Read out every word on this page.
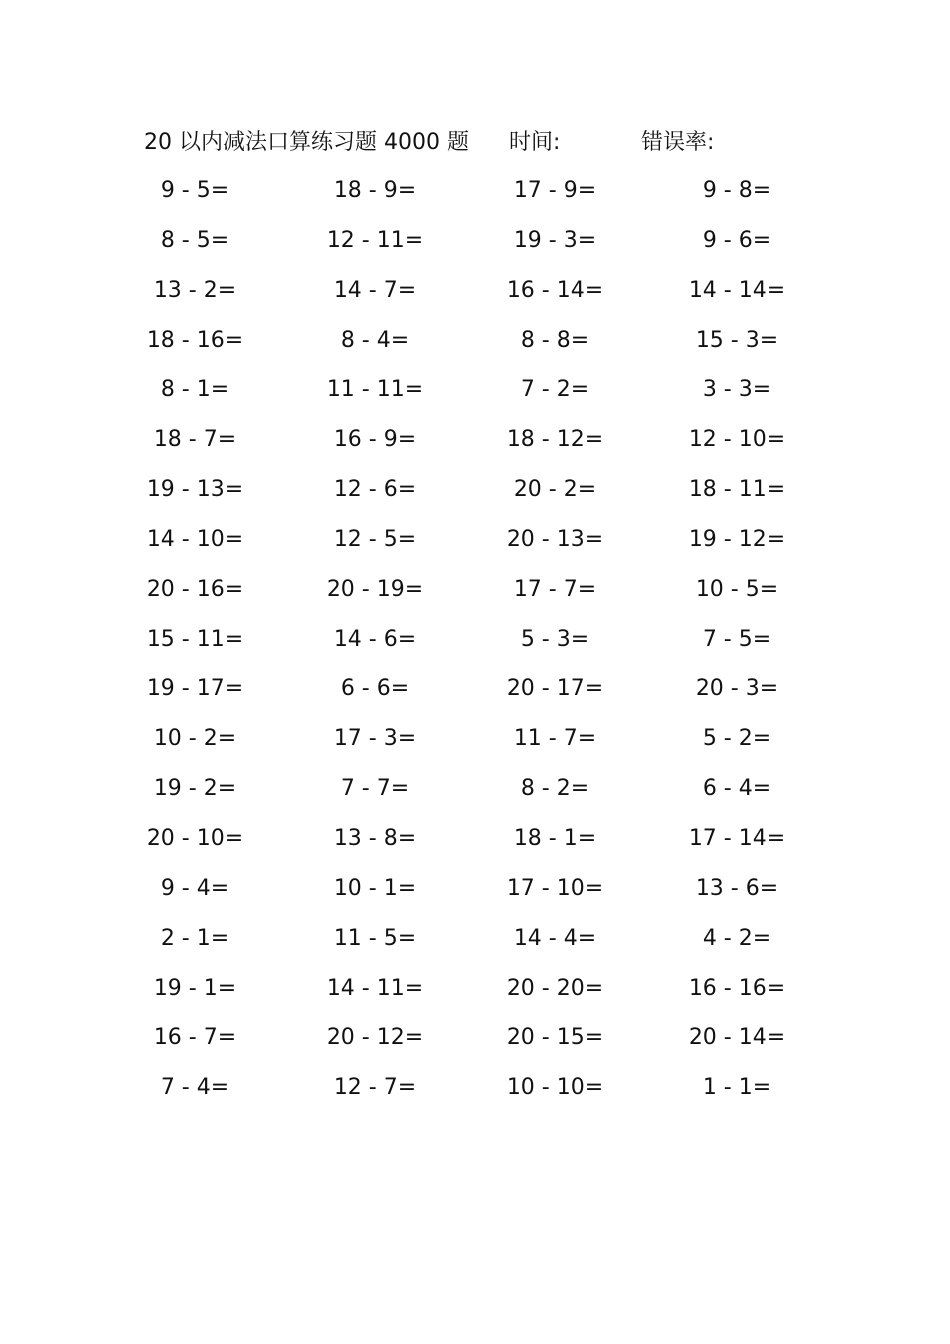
20 以内减法口算练习题 4000 题 时间:	错误率:
9 - 5=	18 - 9=	17 - 9=	9 - 8=
8 - 5=	12 - 11=	19 - 3=	9 - 6=
13 - 2=	14 - 7=	16 - 14=	14 - 14=
18 - 16=	8 - 4=	8 - 8=	15 - 3=
8 - 1=	11 - 11=	7 - 2=	3 - 3=
18 - 7=	16 - 9=	18 - 12=	12 - 10=
19 - 13=	12 - 6=	20 - 2=	18 - 11=
14 - 10=	12 - 5=	20 - 13=	19 - 12=
20 - 16=	20 - 19=	17 - 7=	10 - 5=
15 - 11=	14 - 6=	5 - 3=	7 - 5=
19 - 17=	6 - 6=	20 - 17=	20 - 3=
10 - 2=	17 - 3=	11 - 7=	5 - 2=
19 - 2=	7 - 7=	8 - 2=	6 - 4=
20 - 10=	13 - 8=	18 - 1=	17 - 14=
9 - 4=	10 - 1=	17 - 10=	13 - 6=
2 - 1=	11 - 5=	14 - 4=	4 - 2=
19 - 1=	14 - 11=	20 - 20=	16 - 16=
16 - 7=	20 - 12=	20 - 15=	20 - 14=
7 - 4=	12 - 7=	10 - 10=	1 - 1=
